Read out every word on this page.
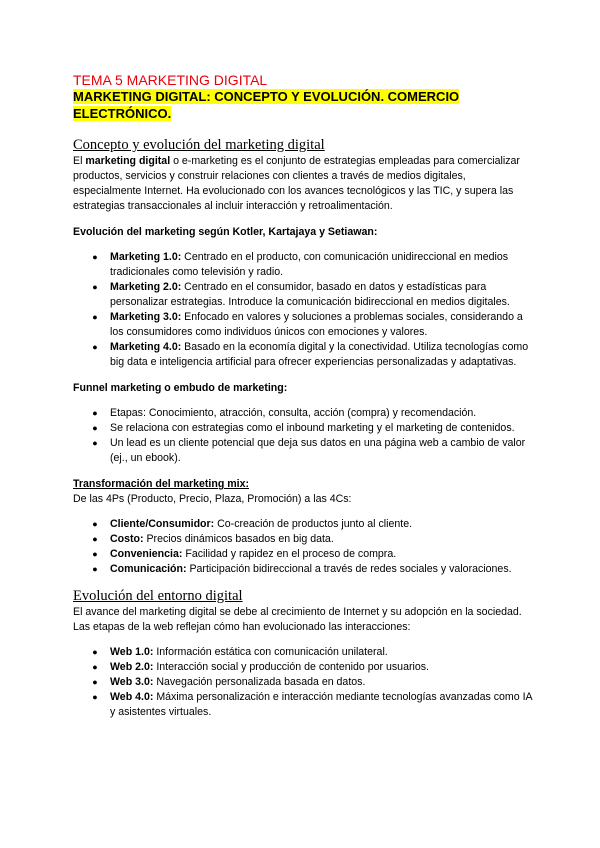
TEMA 5 MARKETING DIGITAL
MARKETING DIGITAL: CONCEPTO Y EVOLUCIÓN. COMERCIO
ELECTRÓNICO.
Concepto y evolución del marketing digital

El marketing digital o e-marketing es el conjunto de estrategias empleadas para comercializar productos, servicios y construir relaciones con clientes a través de medios digitales, especialmente Internet. Ha evolucionado con los avances tecnológicos y las TIC, y supera las estrategias transaccionales al incluir interacción y retroalimentación.

Evolución del marketing según Kotler, Kartajaya y Setiawan:
● Marketing 1.0: Centrado en el producto, con comunicación unidireccional en medios tradicionales como televisión y radio.
● Marketing 2.0: Centrado en el consumidor, basado en datos y estadísticas para personalizar estrategias. Introduce la comunicación bidireccional en medios digitales.
● Marketing 3.0: Enfocado en valores y soluciones a problemas sociales, considerando a los consumidores como individuos únicos con emociones y valores.
● Marketing 4.0: Basado en la economía digital y la conectividad. Utiliza tecnologías como big data e inteligencia artificial para ofrecer experiencias personalizadas y adaptativas.
Funnel marketing o embudo de marketing:
● Etapas: Conocimiento, atracción, consulta, acción (compra) y recomendación.
● Se relaciona con estrategias como el inbound marketing y el marketing de contenidos.
● Un lead es un cliente potencial que deja sus datos en una página web a cambio de valor (ej., un ebook).
Transformación del marketing mix:

De las 4Ps (Producto, Precio, Plaza, Promoción) a las 4Cs:

● Cliente/Consumidor: Co-creación de productos junto al cliente.
● Costo: Precios dinámicos basados en big data.
● Conveniencia: Facilidad y rapidez en el proceso de compra.
● Comunicación: Participación bidireccional a través de redes sociales y valoraciones.
Evolución del entorno digital

El avance del marketing digital se debe al crecimiento de Internet y su adopción en la sociedad. Las etapas de la web reflejan cómo han evolucionado las interacciones:

● Web 1.0: Información estática con comunicación unilateral.
● Web 2.0: Interacción social y producción de contenido por usuarios.
● Web 3.0: Navegación personalizada basada en datos.
● Web 4.0: Máxima personalización e interacción mediante tecnologías avanzadas como IA y asistentes virtuales.
